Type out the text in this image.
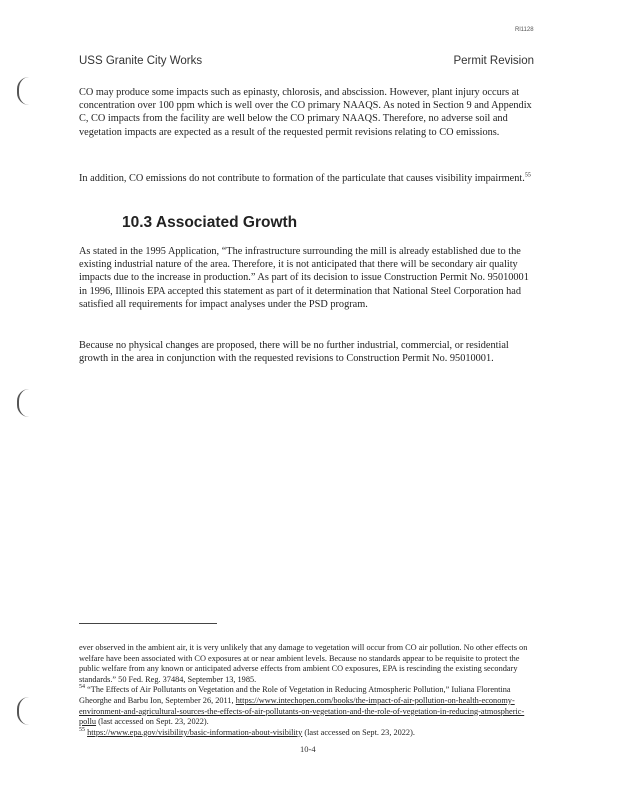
Rl1128
USS Granite City Works	Permit Revision

CO may produce some impacts such as epinasty, chlorosis, and abscission. However, plant injury occurs at concentration over 100 ppm which is well over the CO primary NAAQS. As noted in Section 9 and Appendix C, CO impacts from the facility are well below the CO primary NAAQS. Therefore, no adverse soil and vegetation impacts are expected as a result of the requested permit revisions relating to CO emissions.

In addition, CO emissions do not contribute to formation of the particulate that causes visibility impairment.$^{55}$

10.3 Associated Growth

As stated in the 1995 Application, “The infrastructure surrounding the mill is already established due to the existing industrial nature of the area. Therefore, it is not anticipated that there will be secondary air quality impacts due to the increase in production.” As part of its decision to issue Construction Permit No. 95010001 in 1996, Illinois EPA accepted this statement as part of it determination that National Steel Corporation had satisfied all requirements for impact analyses under the PSD program.

Because no physical changes are proposed, there will be no further industrial, commercial, or residential growth in the area in conjunction with the requested revisions to Construction Permit No. 95010001.

ever observed in the ambient air, it is very unlikely that any damage to vegetation will occur from CO air pollution. No other effects on welfare have been associated with CO exposures at or near ambient levels. Because no standards appear to be requisite to protect the public welfare from any known or anticipated adverse effects from ambient CO exposures, EPA is rescinding the existing secondary standards.” 50 Fed. Reg. 37484, September 13, 1985.
$^{54}$ “The Effects of Air Pollutants on Vegetation and the Role of Vegetation in Reducing Atmospheric Pollution,” Iuliana Florentina Gheorghe and Barbu Ion, September 26, 2011, https://www.intechopen.com/books/the-impact-of-air-pollution-on-health-economy-environment-and-agricultural-sources-the-effects-of-air-pollutants-on-vegetation-and-the-role-of-vegetation-in-reducing-atmospheric-pollu (last accessed on Sept. 23, 2022).
$^{55}$ https://www.epa.gov/visibility/basic-information-about-visibility (last accessed on Sept. 23, 2022).
10-4
